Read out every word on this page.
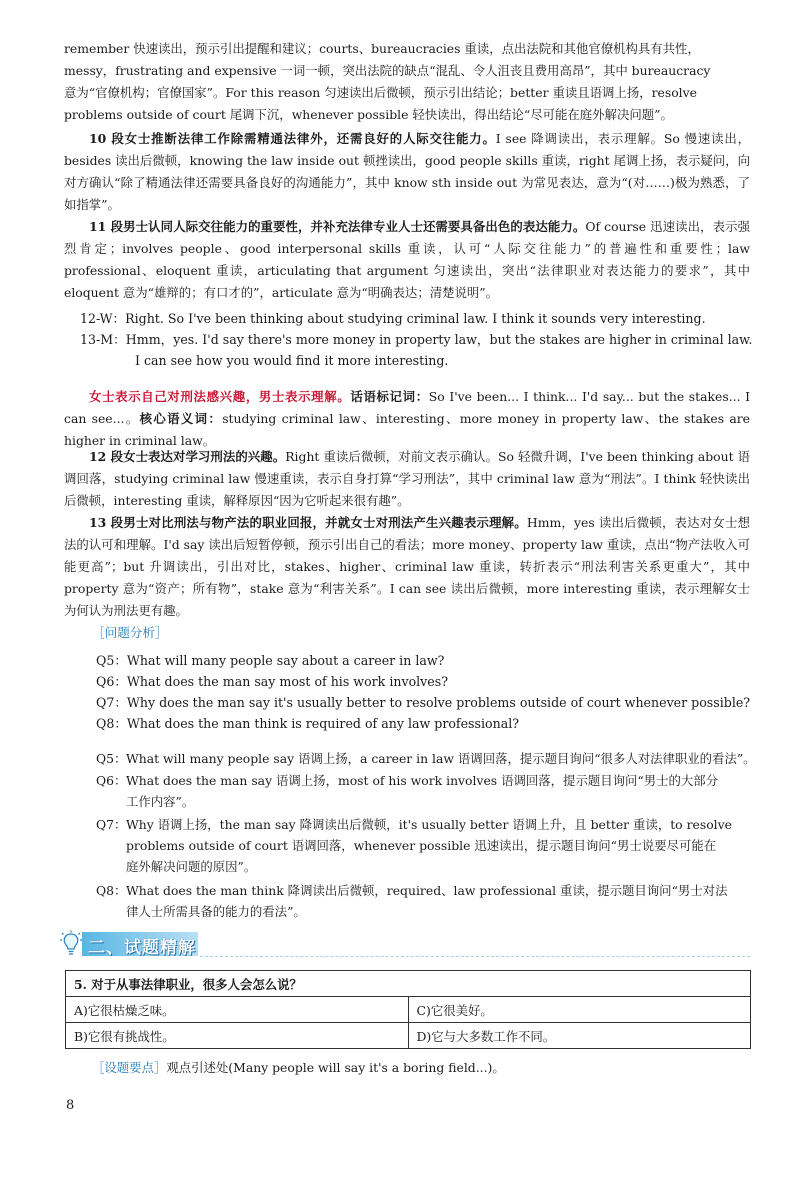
remember 快速读出，预示引出提醒和建议；courts、bureaucracies 重读，点出法院和其他官僚机构具有共性，

messy，frustrating and expensive 一词一顿，突出法院的缺点“混乱、令人沮丧且费用高昂”，其中 bureaucracy

意为“官僚机构；官僚国家”。For this reason 匀速读出后微顿，预示引出结论；better 重读且语调上扬，resolve

problems outside of court 尾调下沉，whenever possible 轻快读出，得出结论“尽可能在庭外解决问题”。

10 段女士推断法律工作除需精通法律外，还需良好的人际交往能力。I see 降调读出，表示理解。So 慢速读出，besides 读出后微顿，knowing the law inside out 顿挫读出，good people skills 重读，right 尾调上扬，表示疑问，向对方确认“除了精通法律还需要具备良好的沟通能力”，其中 know sth inside out 为常见表达，意为“(对……)极为熟悉，了如指掌”。

11 段男士认同人际交往能力的重要性，并补充法律专业人士还需要具备出色的表达能力。Of course 迅速读出，表示强烈肯定；involves people、good interpersonal skills 重读，认可“人际交往能力”的普遍性和重要性；law professional、eloquent 重读，articulating that argument 匀速读出，突出“法律职业对表达能力的要求”，其中 eloquent 意为“雄辩的；有口才的”，articulate 意为“明确表达；清楚说明”。

12-W：Right. So I've been thinking about studying criminal law. I think it sounds very interesting.

13-M：Hmm，yes. I'd say there's more money in property law，but the stakes are higher in criminal law.

I can see how you would find it more interesting.

女士表示自己对刑法感兴趣，男士表示理解。话语标记词：So I've been... I think... I'd say... but the stakes... I can see...。核心语义词：studying criminal law、interesting、more money in property law、the stakes are higher in criminal law。

12 段女士表达对学习刑法的兴趣。Right 重读后微顿，对前文表示确认。So 轻微升调，I've been thinking about 语调回落，studying criminal law 慢速重读，表示自身打算“学习刑法”，其中 criminal law 意为“刑法”。I think 轻快读出后微顿，interesting 重读，解释原因“因为它听起来很有趣”。

13 段男士对比刑法与物产法的职业回报，并就女士对刑法产生兴趣表示理解。Hmm，yes 读出后微顿，表达对女士想法的认可和理解。I'd say 读出后短暂停顿，预示引出自己的看法；more money、property law 重读，点出“物产法收入可能更高”；but 升调读出，引出对比，stakes、higher、criminal law 重读，转折表示“刑法利害关系更重大”，其中 property 意为“资产；所有物”，stake 意为“利害关系”。I can see 读出后微顿，more interesting 重读，表示理解女士为何认为刑法更有趣。

［问题分析］

Q5：What will many people say about a career in law?

Q6：What does the man say most of his work involves?

Q7：Why does the man say it's usually better to resolve problems outside of court whenever possible?

Q8：What does the man think is required of any law professional?

Q5：What will many people say 语调上扬，a career in law 语调回落，提示题目询问“很多人对法律职业的看法”。

Q6：What does the man say 语调上扬，most of his work involves 语调回落，提示题目询问“男士的大部分
工作内容”。

Q7：Why 语调上扬，the man say 降调读出后微顿，it's usually better 语调上升，且 better 重读，to resolve
problems outside of court 语调回落，whenever possible 迅速读出，提示题目询问“男士说要尽可能在
庭外解决问题的原因”。

Q8：What does the man think 降调读出后微顿，required、law professional 重读，提示题目询问“男士对法
律人士所需具备的能力的看法”。

二、试题精解
5. 对于从事法律职业，很多人会怎么说？	
A)它很枯燥乏味。	C)它很美好。
B)它很有挑战性。	D)它与大多数工作不同。
［设题要点］观点引述处(Many people will say it's a boring field...)。
8
